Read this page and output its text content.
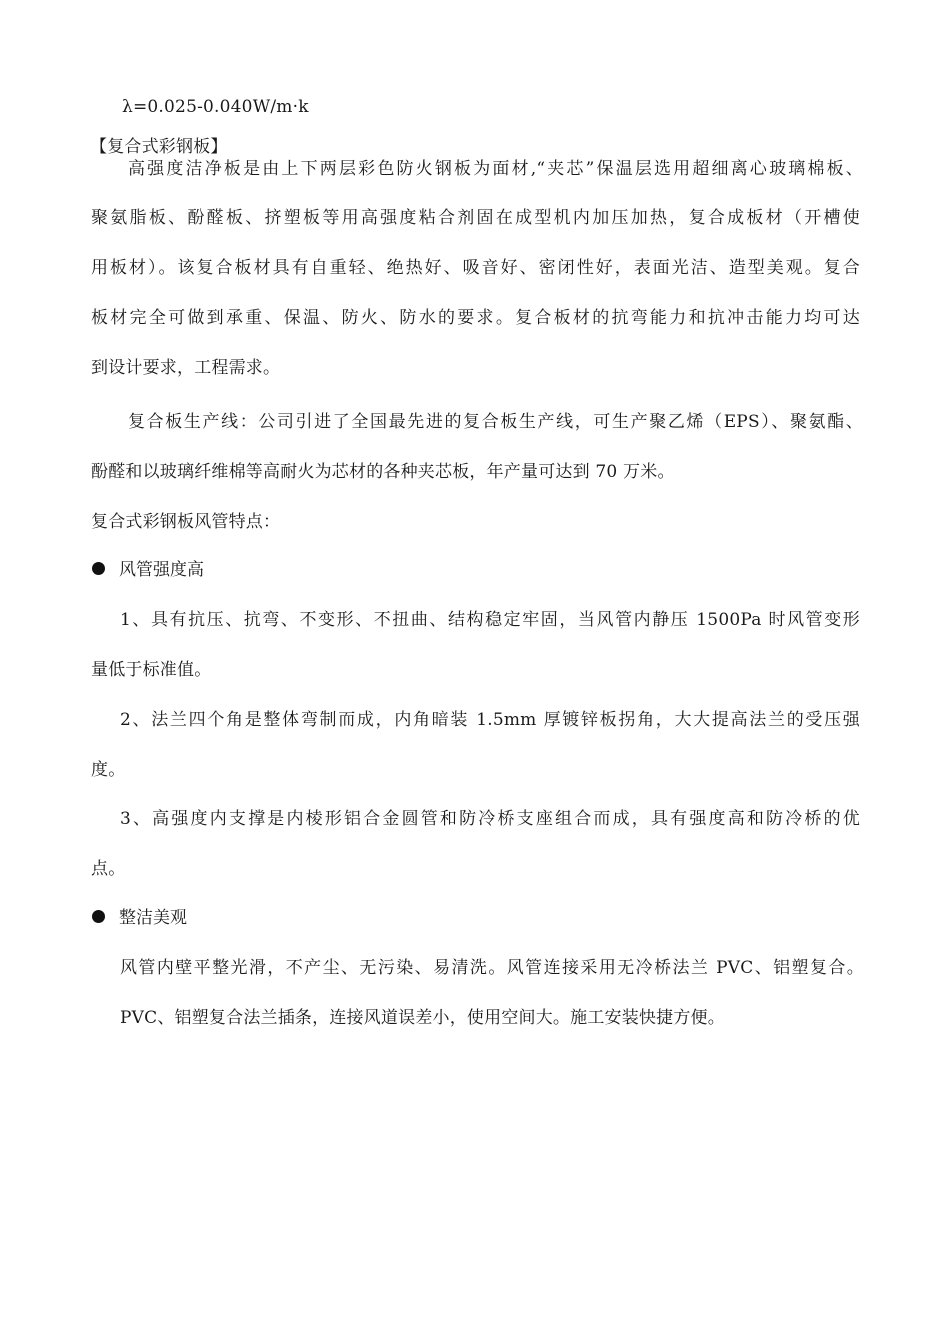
λ=0.025-0.040W/m·k
【复合式彩钢板】
高强度洁净板是由上下两层彩色防火钢板为面材,“夹芯”保温层选用超细离心玻璃棉板、
聚氨脂板、酚醛板、挤塑板等用高强度粘合剂固在成型机内加压加热，复合成板材（开槽使
用板材）。该复合板材具有自重轻、绝热好、吸音好、密闭性好，表面光洁、造型美观。复合
板材完全可做到承重、保温、防火、防水的要求。复合板材的抗弯能力和抗冲击能力均可达
到设计要求，工程需求。
复合板生产线：公司引进了全国最先进的复合板生产线，可生产聚乙烯（EPS）、聚氨酯、
酚醛和以玻璃纤维棉等高耐火为芯材的各种夹芯板，年产量可达到 70 万米。
复合式彩钢板风管特点：
风管强度高
1、具有抗压、抗弯、不变形、不扭曲、结构稳定牢固，当风管内静压 1500Pa 时风管变形
量低于标准值。
2、法兰四个角是整体弯制而成，内角暗装 1.5mm 厚镀锌板拐角，大大提高法兰的受压强
度。
3、高强度内支撑是内棱形铝合金圆管和防冷桥支座组合而成，具有强度高和防冷桥的优
点。
整洁美观
风管内壁平整光滑，不产尘、无污染、易清洗。风管连接采用无冷桥法兰 PVC、铝塑复合。
PVC、铝塑复合法兰插条，连接风道误差小，使用空间大。施工安装快捷方便。
